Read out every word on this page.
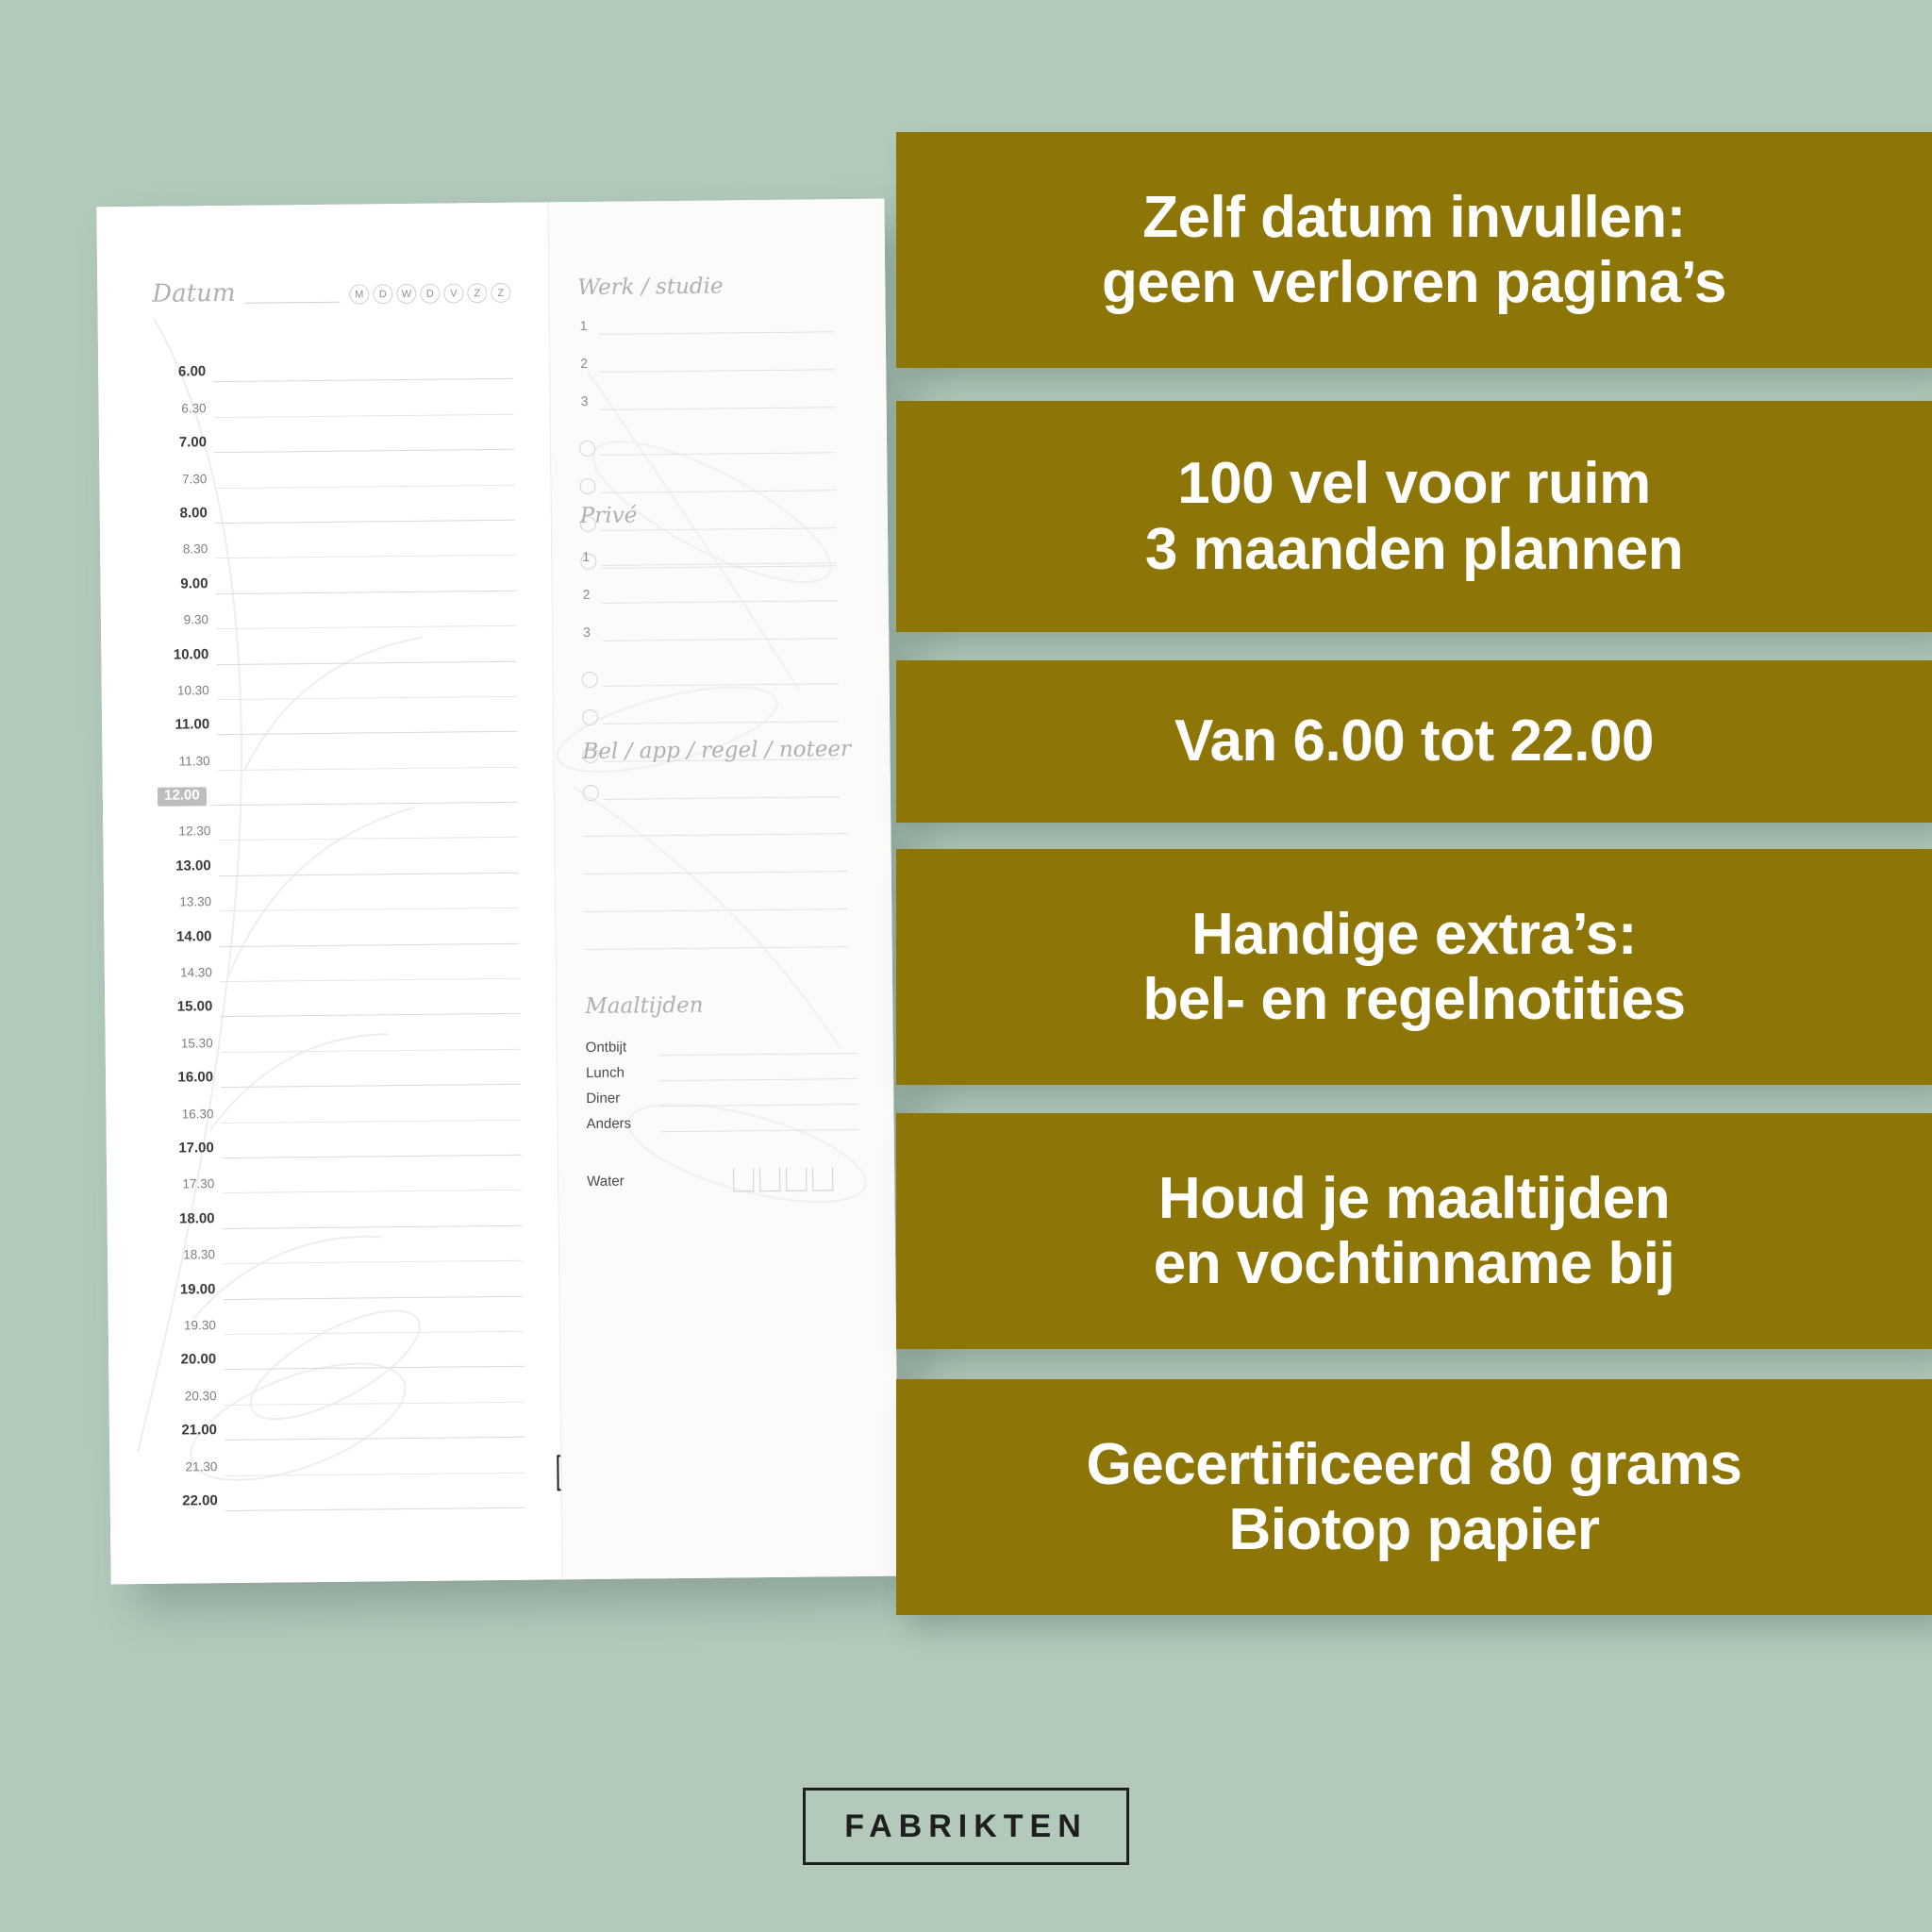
Datum	M	D	W	D	V	Z	Z
6.00
6.30
7.00
7.30
8.00
8.30
9.00
9.30
10.00
10.30
11.00
11.30
12.00
12.30
13.00
13.30
14.00
14.30
15.00
15.30
16.00
16.30
17.00
17.30
18.00
18.30
19.00
19.30
20.00
20.30
21.00
21.30
22.00
Werk / studie
1
2
3
Privé
1
2
3
Bel / app / regel / noteer
Maaltijden
Ontbijt
Lunch
Diner
Anders
Water
Zelf datum invullen:
geen verloren pagina’s
100 vel voor ruim
3 maanden plannen
Van 6.00 tot 22.00
Handige extra’s:
bel- en regelnotities
Houd je maaltijden
en vochtinname bij
Gecertificeerd 80 grams
Biotop papier
FABRIKTEN
